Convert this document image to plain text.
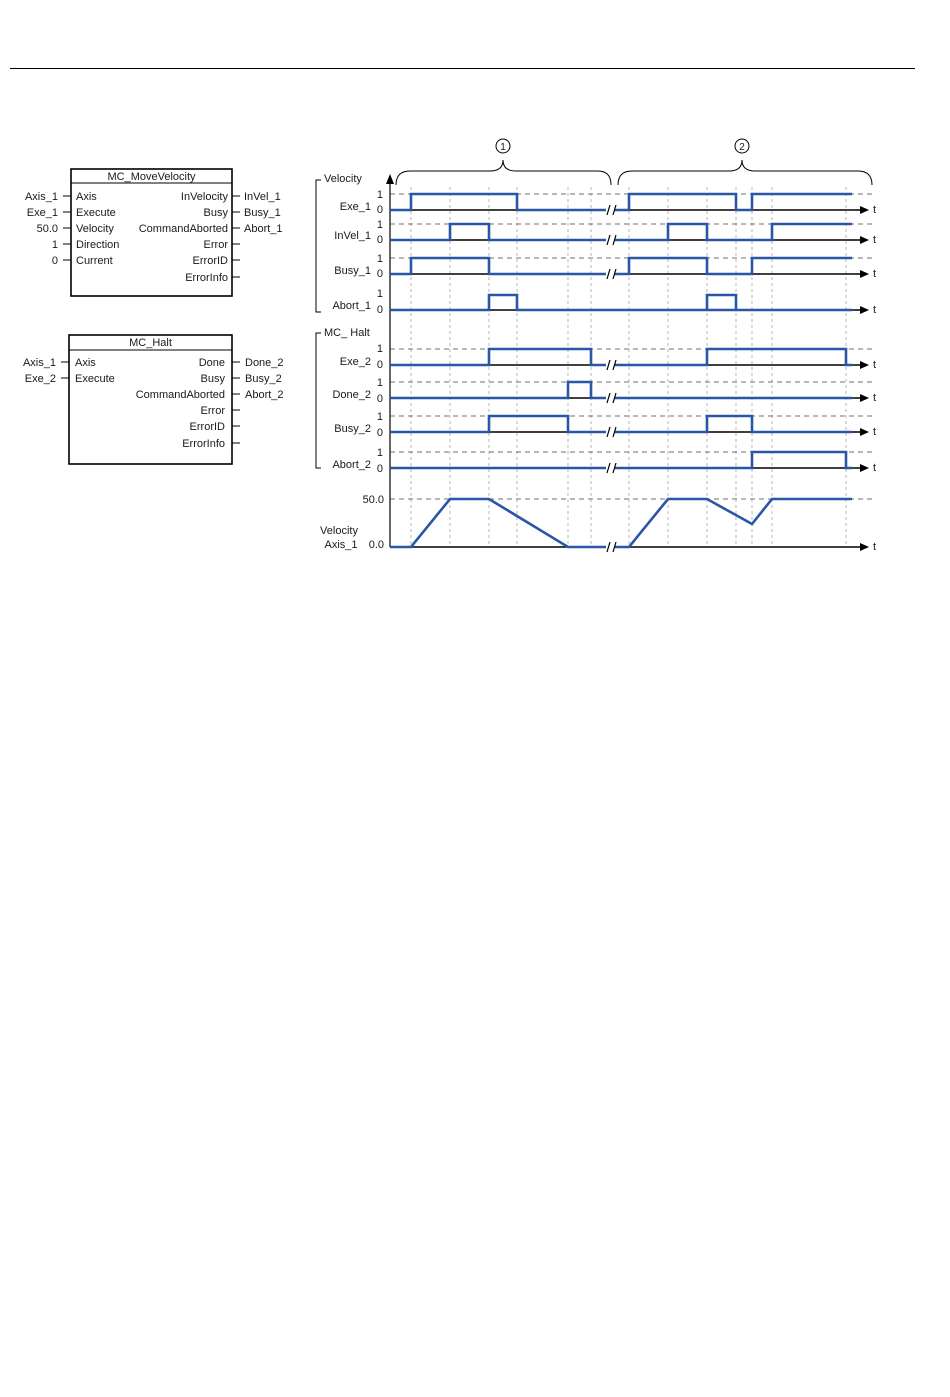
MC_MoveVelocity
Axis_1
Exe_1
50.0
1
0
Axis
Execute
Velocity
Direction
Current
InVelocity
Busy
CommandAborted
Error
ErrorID
ErrorInfo
InVel_1
Busy_1
Abort_1
MC_Halt
Axis_1
Exe_2
Axis
Execute
Done
Busy
CommandAborted
Error
ErrorID
ErrorInfo
Done_2
Busy_2
Abort_2
Velocity
MC_ Halt
1	2
Exe_1
1
0	t
InVel_1
1
0	t
Busy_1
1
0	t
Abort_1
1
0	t
Exe_2
1
0	t
Done_2
1
0	t
Busy_2
1
0	t
Abort_2
1
0	t
Velocity
Axis_1
50.0
0.0	t
